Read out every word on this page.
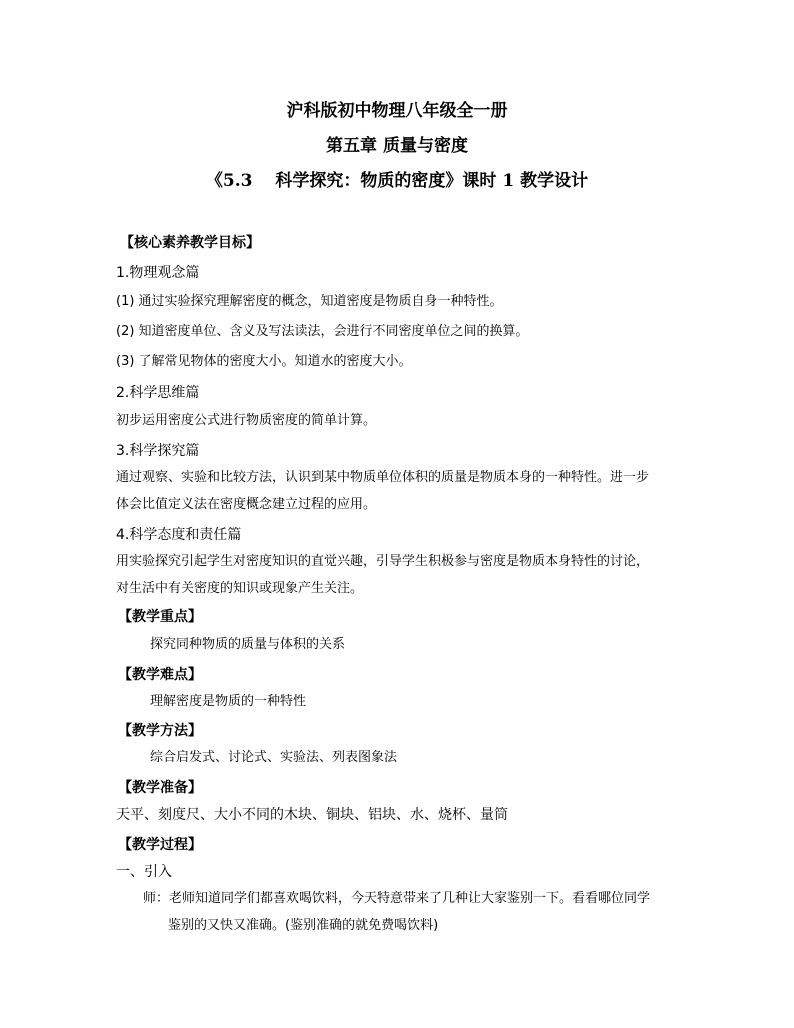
沪科版初中物理八年级全一册
第五章 质量与密度
《5.3　 科学探究：物质的密度》课时 1 教学设计
【核心素养教学目标】
1.物理观念篇
(1) 通过实验探究理解密度的概念，知道密度是物质自身一种特性。
(2) 知道密度单位、含义及写法读法，会进行不同密度单位之间的换算。
(3) 了解常见物体的密度大小。知道水的密度大小。
2.科学思维篇
初步运用密度公式进行物质密度的简单计算。
3.科学探究篇
通过观察、实验和比较方法，认识到某中物质单位体积的质量是物质本身的一种特性。进一步
体会比值定义法在密度概念建立过程的应用。
4.科学态度和责任篇
用实验探究引起学生对密度知识的直觉兴趣，引导学生积极参与密度是物质本身特性的讨论，
对生活中有关密度的知识或现象产生关注。
【教学重点】
探究同种物质的质量与体积的关系
【教学难点】
理解密度是物质的一种特性
【教学方法】
综合启发式、讨论式、实验法、列表图象法
【教学准备】
天平、刻度尺、大小不同的木块、铜块、铝块、水、烧杯、量筒
【教学过程】
一、引入
师：老师知道同学们都喜欢喝饮料，今天特意带来了几种让大家鉴别一下。看看哪位同学
鉴别的又快又准确。(鉴别准确的就免费喝饮料)
